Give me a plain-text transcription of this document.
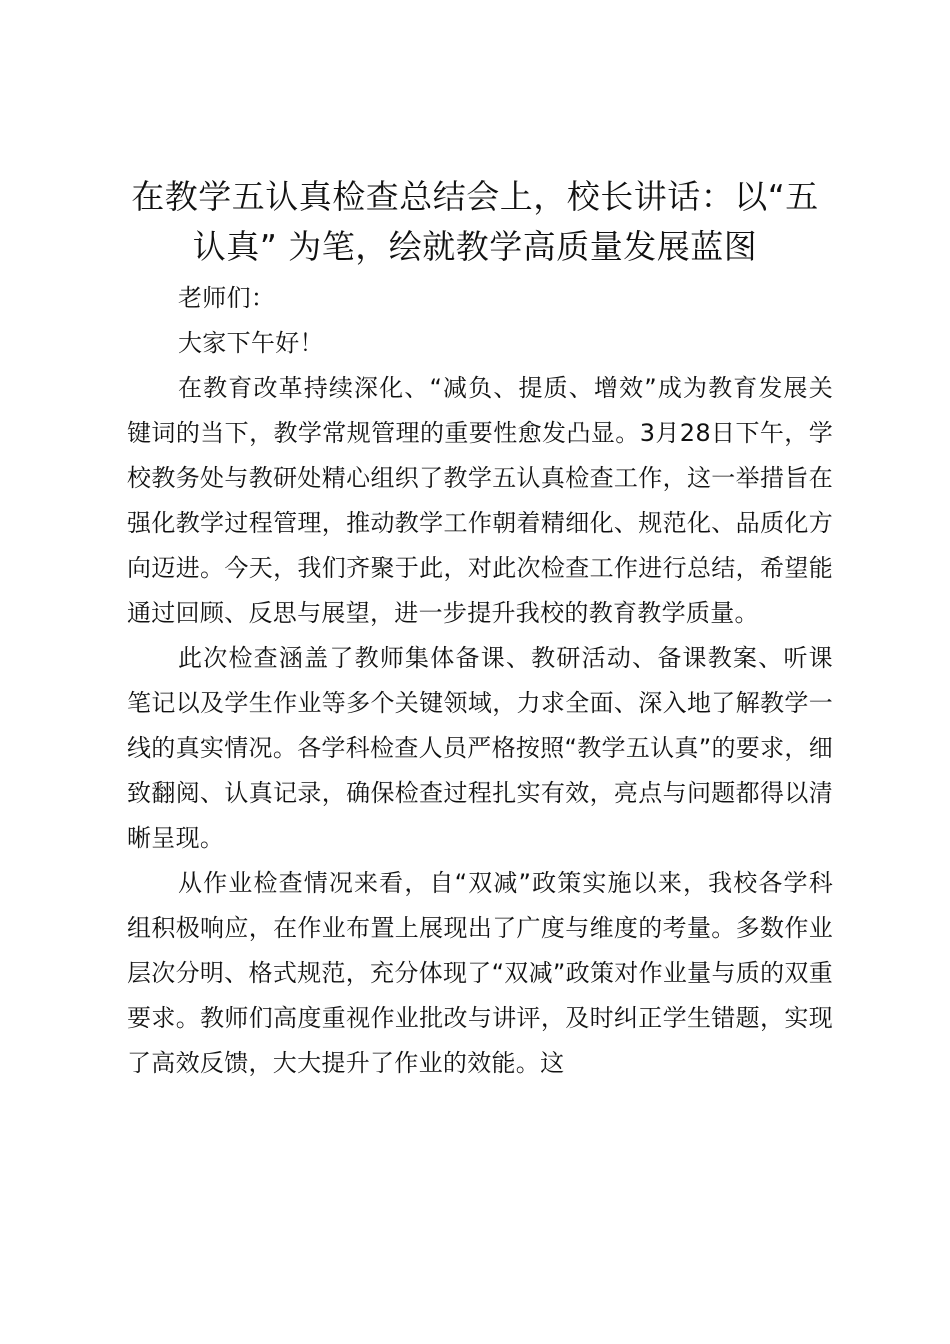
在教学五认真检查总结会上，校长讲话：以“五认真” 为笔，绘就教学高质量发展蓝图

老师们：

大家下午好！

在教育改革持续深化、“减负、提质、增效”成为教育发展关键词的当下，教学常规管理的重要性愈发凸显。3月28日下午，学校教务处与教研处精心组织了教学五认真检查工作，这一举措旨在强化教学过程管理，推动教学工作朝着精细化、规范化、品质化方向迈进。今天，我们齐聚于此，对此次检查工作进行总结，希望能通过回顾、反思与展望，进一步提升我校的教育教学质量。

此次检查涵盖了教师集体备课、教研活动、备课教案、听课笔记以及学生作业等多个关键领域，力求全面、深入地了解教学一线的真实情况。各学科检查人员严格按照“教学五认真”的要求，细致翻阅、认真记录，确保检查过程扎实有效，亮点与问题都得以清晰呈现。

从作业检查情况来看，自“双减”政策实施以来，我校各学科组积极响应，在作业布置上展现出了广度与维度的考量。多数作业层次分明、格式规范，充分体现了“双减”政策对作业量与质的双重要求。教师们高度重视作业批改与讲评，及时纠正学生错题，实现了高效反馈，大大提升了作业的效能。这
